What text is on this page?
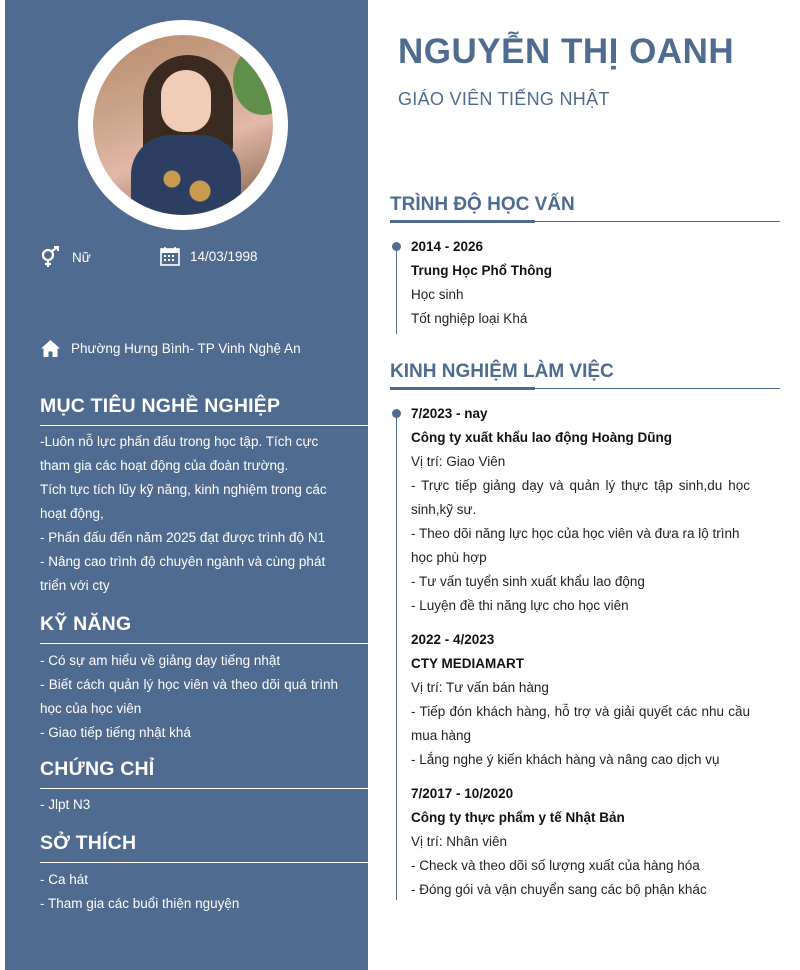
Nữ	14/03/1998
Phường Hưng Bình- TP Vinh Nghệ An
MỤC TIÊU NGHỀ NGHIỆP
-Luôn nỗ lực phấn đấu trong học tập. Tích cực tham gia các hoạt động của đoàn trường.
Tích tực tích lũy kỹ năng, kinh nghiệm trong các hoạt động,
- Phấn đấu đến năm 2025 đạt được trình độ N1
- Nâng cao trình độ chuyên ngành và cùng phát triển với cty
KỸ NĂNG
- Có sự am hiểu về giảng dạy tiếng nhật
- Biết cách quản lý học viên và theo dõi quá trình học của học viên
- Giao tiếp tiếng nhật khá
CHỨNG CHỈ
- Jlpt N3
SỞ THÍCH
- Ca hát
- Tham gia các buổi thiện nguyện
NGUYỄN THỊ OANH
GIÁO VIÊN TIẾNG NHẬT
TRÌNH ĐỘ HỌC VẤN
2014 - 2026
Trung Học Phổ Thông
Học sinh
Tốt nghiệp loại Khá
KINH NGHIỆM LÀM VIỆC
7/2023 - nay
Công ty xuất khẩu lao động Hoàng Dũng
Vị trí: Giao Viên
- Trực tiếp giảng dạy và quản lý thực tập sinh,du học sinh,kỹ sư.
- Theo dõi năng lực học của học viên và đưa ra lộ trình học phù hợp
- Tư vấn tuyển sinh xuất khẩu lao động
- Luyện đề thi năng lực cho học viên
2022 - 4/2023
CTY MEDIAMART
Vị trí: Tư vấn bán hàng
- Tiếp đón khách hàng, hỗ trợ và giải quyết các nhu cầu mua hàng
- Lắng nghe ý kiến khách hàng và nâng cao dịch vụ
7/2017 - 10/2020
Công ty thực phẩm y tế Nhật Bản
Vị trí: Nhân viên
- Check và theo dõi số lượng xuất của hàng hóa
- Đóng gói và vận chuyển sang các bộ phận khác
